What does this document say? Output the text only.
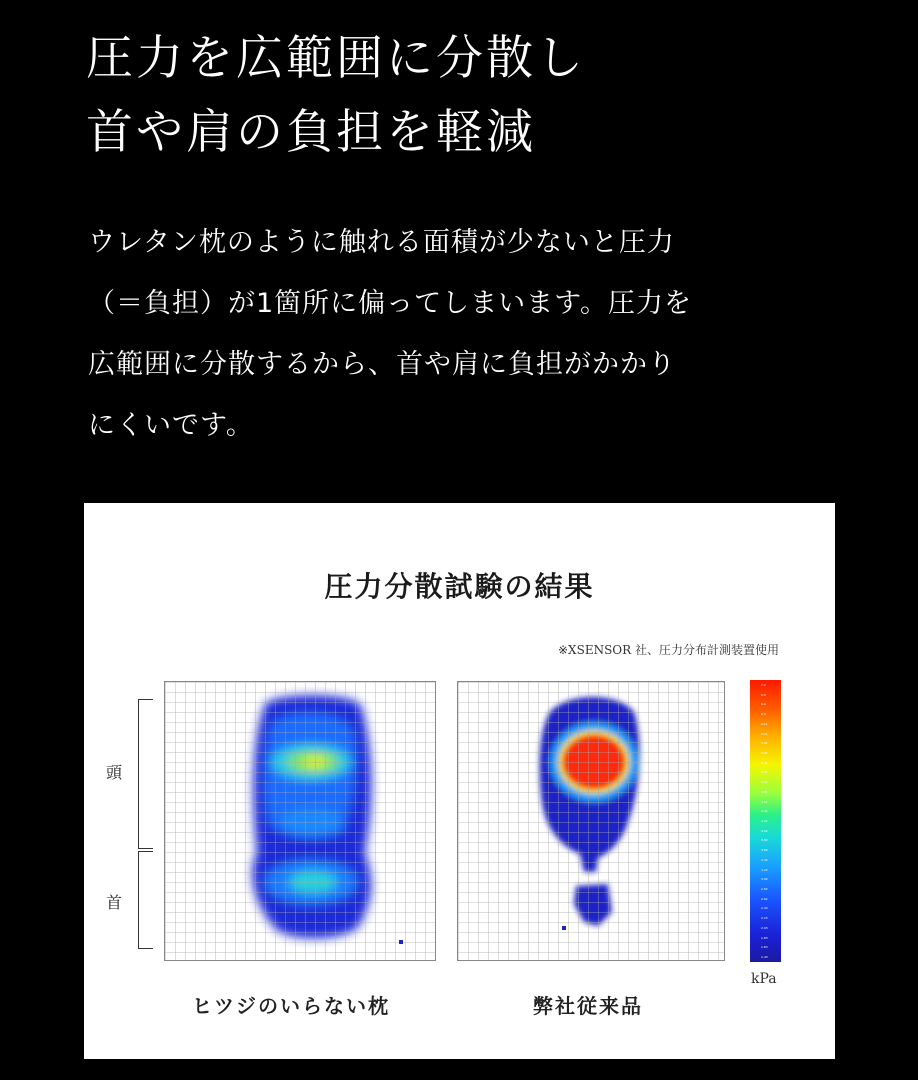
圧力を広範囲に分散し
首や肩の負担を軽減

ウレタン枕のように触れる面積が少ないと圧力
（＝負担）が1箇所に偏ってしまいます。圧力を
広範囲に分散するから、首や肩に負担がかかり
にくいです。

圧力分散試験の結果
※XSENSOR 社、圧力分布計測装置使用
頭
首
7.2
6.8
6.6
6.4
6.21
6.01
5.81
5.61
5.41
5.21
5.01
4.81
4.61
4.41
4.22
4.02
3.82
3.62
3.42
3.22
3.02
2.82
2.62
2.43
2.23
2.03
1.83
1.63
1.43
kPa
ヒツジのいらない枕	弊社従来品
